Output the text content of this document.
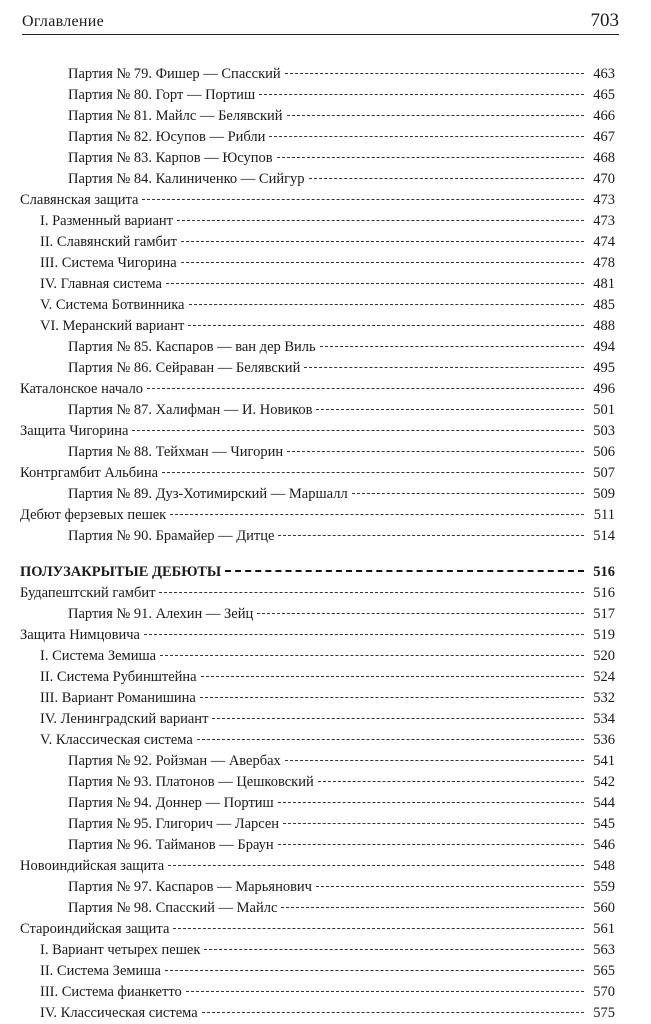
Оглавление	703
Партия № 79. Фишер — Спасский	463
Партия № 80. Горт — Портиш	465
Партия № 81. Майлс — Белявский	466
Партия № 82. Юсупов — Рибли	467
Партия № 83. Карпов — Юсупов	468
Партия № 84. Калиниченко — Сийгур	470
Славянская защита	473
I. Разменный вариант	473
II. Славянский гамбит	474
III. Система Чигорина	478
IV. Главная система	481
V. Система Ботвинника	485
VI. Меранский вариант	488
Партия № 85. Каспаров — ван дер Виль	494
Партия № 86. Сейраван — Белявский	495
Каталонское начало	496
Партия № 87. Халифман — И. Новиков	501
Защита Чигорина	503
Партия № 88. Тейхман — Чигорин	506
Контргамбит Альбина	507
Партия № 89. Дуз-Хотимирский — Маршалл	509
Дебют ферзевых пешек	511
Партия № 90. Брамайер — Дитце	514
ПОЛУЗАКРЫТЫЕ ДЕБЮТЫ	516
Будапештский гамбит	516
Партия № 91. Алехин — Зейц	517
Защита Нимцовича	519
I. Система Земиша	520
II. Система Рубинштейна	524
III. Вариант Романишина	532
IV. Ленинградский вариант	534
V. Классическая система	536
Партия № 92. Ройзман — Авербах	541
Партия № 93. Платонов — Цешковский	542
Партия № 94. Доннер — Портиш	544
Партия № 95. Глигорич — Ларсен	545
Партия № 96. Тайманов — Браун	546
Новоиндийская защита	548
Партия № 97. Каспаров — Марьянович	559
Партия № 98. Спасский — Майлс	560
Староиндийская защита	561
I. Вариант четырех пешек	563
II. Система Земиша	565
III. Система фианкетто	570
IV. Классическая система	575
